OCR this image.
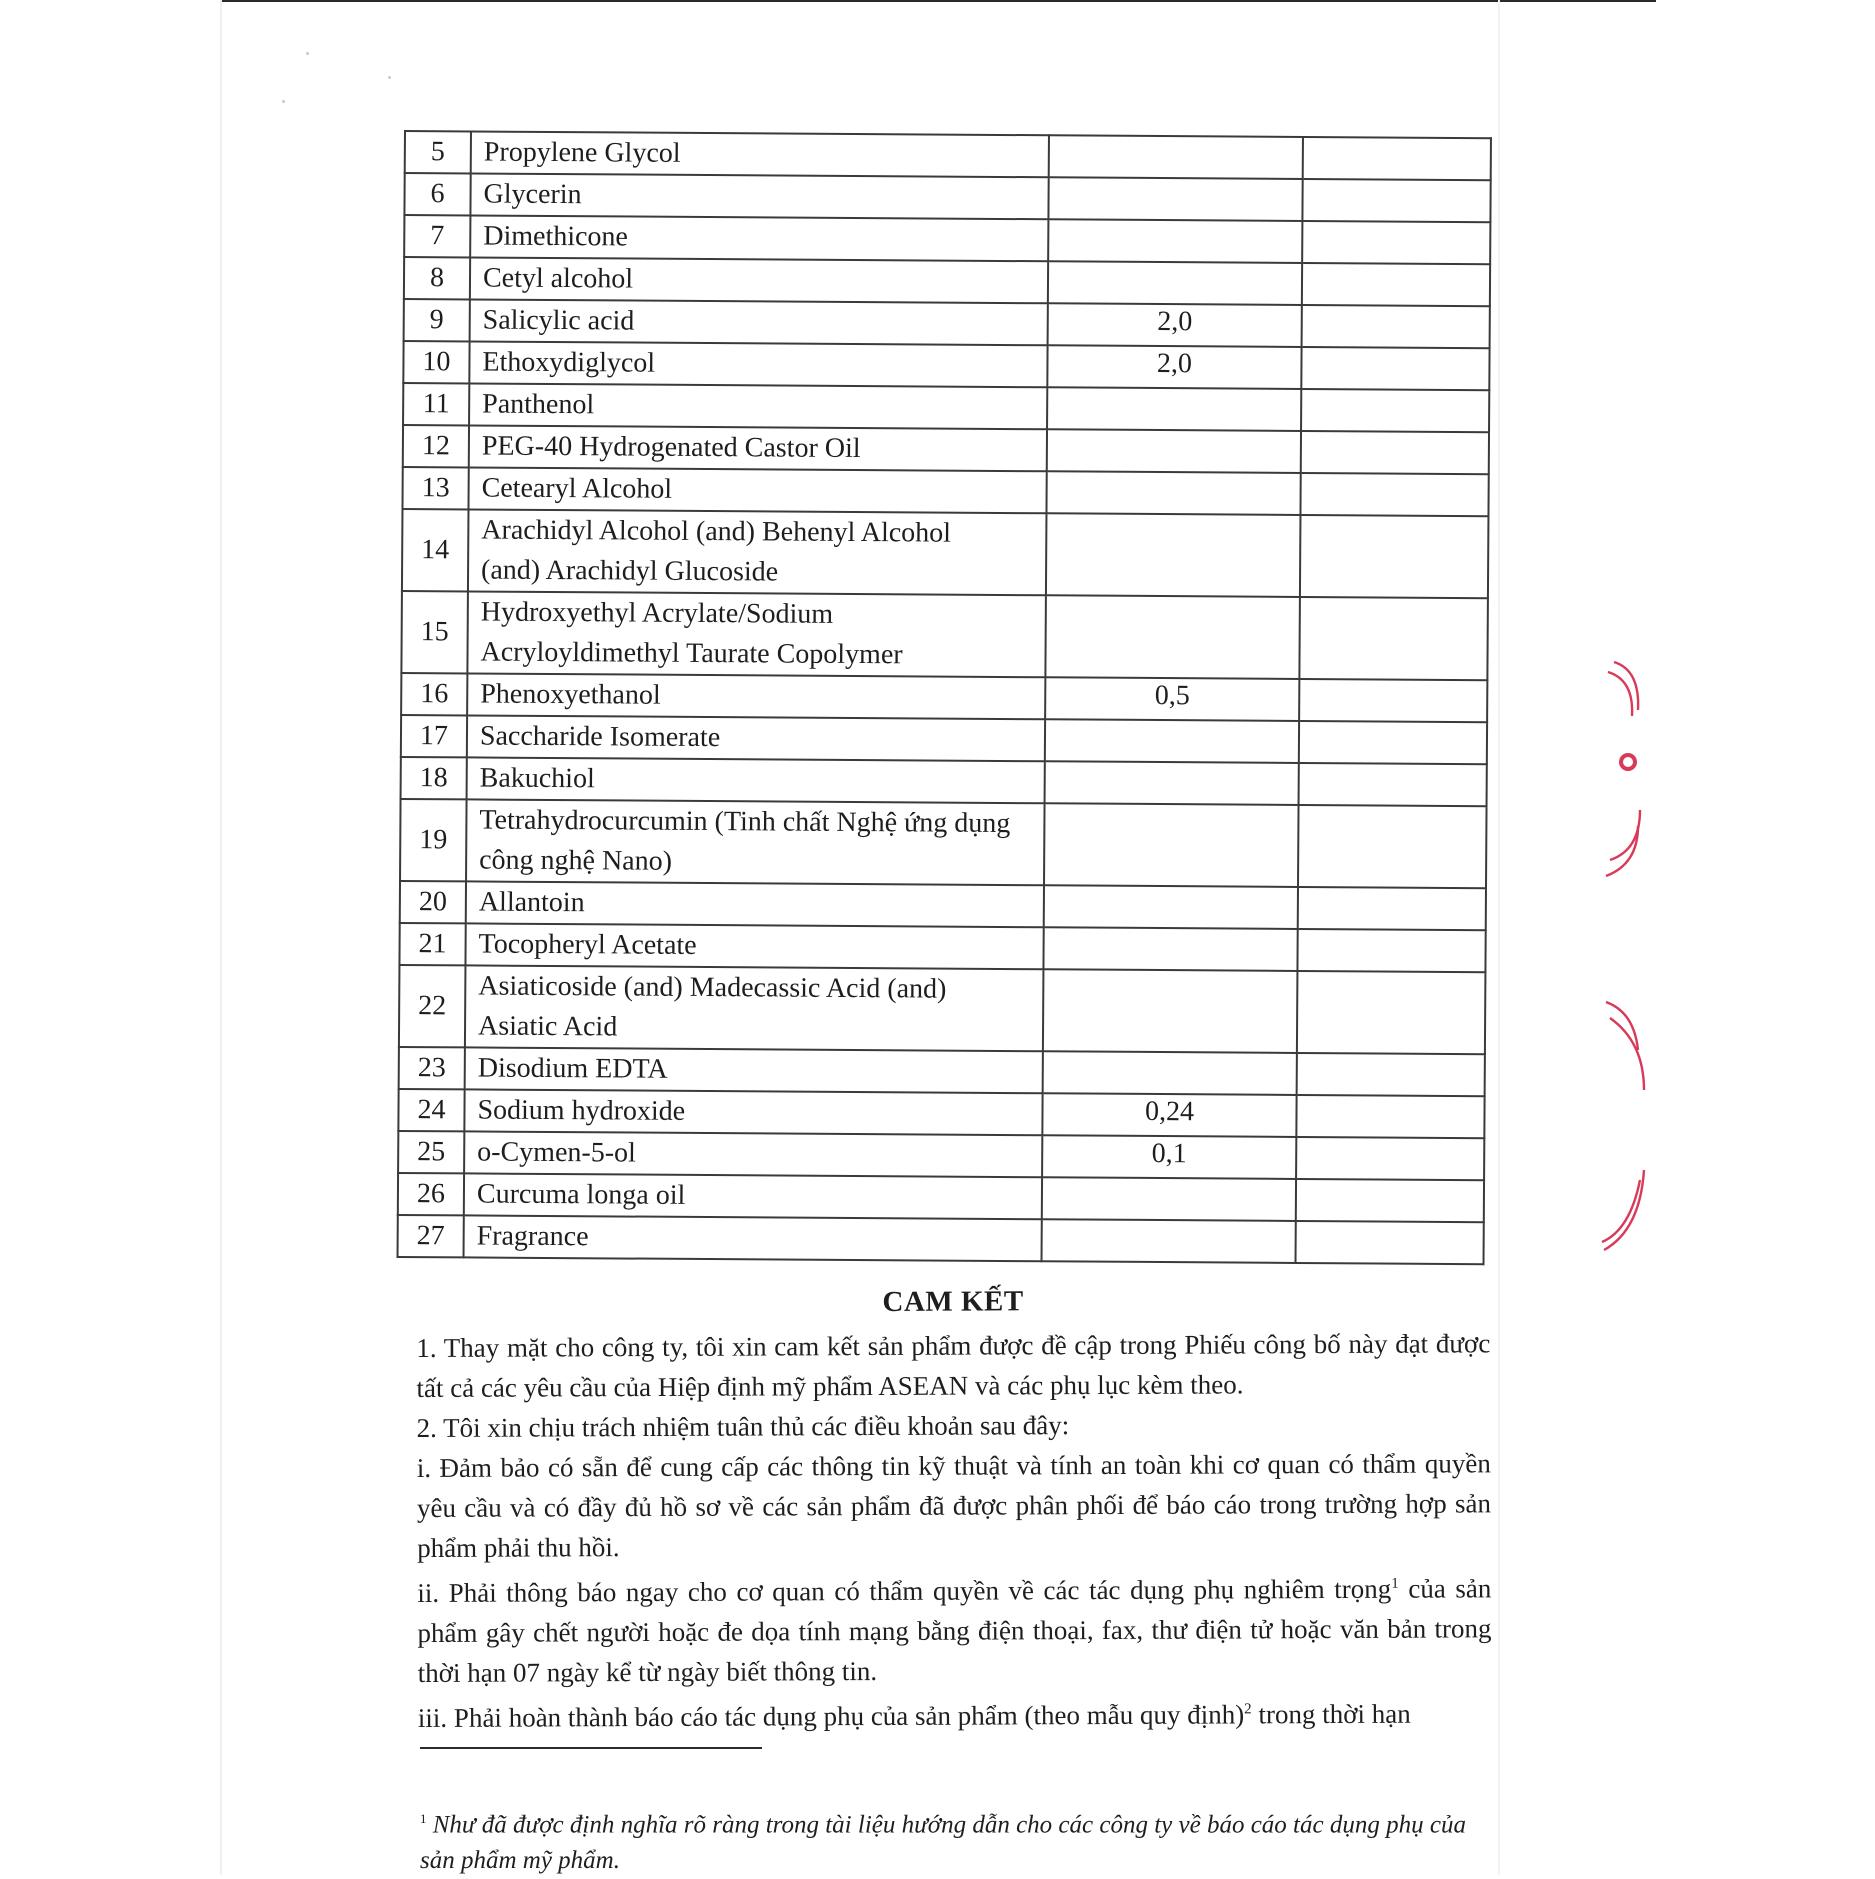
5	Propylene Glycol		
6	Glycerin		
7	Dimethicone		
8	Cetyl alcohol		
9	Salicylic acid	2,0	
10	Ethoxydiglycol	2,0	
11	Panthenol		
12	PEG-40 Hydrogenated Castor Oil		
13	Cetearyl Alcohol		
14	Arachidyl Alcohol (and) Behenyl Alcohol
(and) Arachidyl Glucoside		

15	Hydroxyethyl Acrylate/Sodium
Acryloyldimethyl Taurate Copolymer		

16	Phenoxyethanol	0,5	
17	Saccharide Isomerate		
18	Bakuchiol		
19	Tetrahydrocurcumin (Tinh chất Nghệ ứng dụng
công nghệ Nano)		

20	Allantoin		
21	Tocopheryl Acetate		
22	Asiaticoside (and) Madecassic Acid (and)
Asiatic Acid		

23	Disodium EDTA		
24	Sodium hydroxide	0,24	
25	o-Cymen-5-ol	0,1	
26	Curcuma longa oil		
27	Fragrance		
CAM KẾT

1. Thay mặt cho công ty, tôi xin cam kết sản phẩm được đề cập trong Phiếu công bố này đạt được tất cả các yêu cầu của Hiệp định mỹ phẩm ASEAN và các phụ lục kèm theo.

2. Tôi xin chịu trách nhiệm tuân thủ các điều khoản sau đây:

i. Đảm bảo có sẵn để cung cấp các thông tin kỹ thuật và tính an toàn khi cơ quan có thẩm quyền yêu cầu và có đầy đủ hồ sơ về các sản phẩm đã được phân phối để báo cáo trong trường hợp sản phẩm phải thu hồi.

ii. Phải thông báo ngay cho cơ quan có thẩm quyền về các tác dụng phụ nghiêm trọng$^1$ của sản phẩm gây chết người hoặc đe dọa tính mạng bằng điện thoại, fax, thư điện tử hoặc văn bản trong thời hạn 07 ngày kể từ ngày biết thông tin.

iii. Phải hoàn thành báo cáo tác dụng phụ của sản phẩm (theo mẫu quy định)$^2$ trong thời hạn

$^1$ Như đã được định nghĩa rõ ràng trong tài liệu hướng dẫn cho các công ty về báo cáo tác dụng phụ của sản phẩm mỹ phẩm.
